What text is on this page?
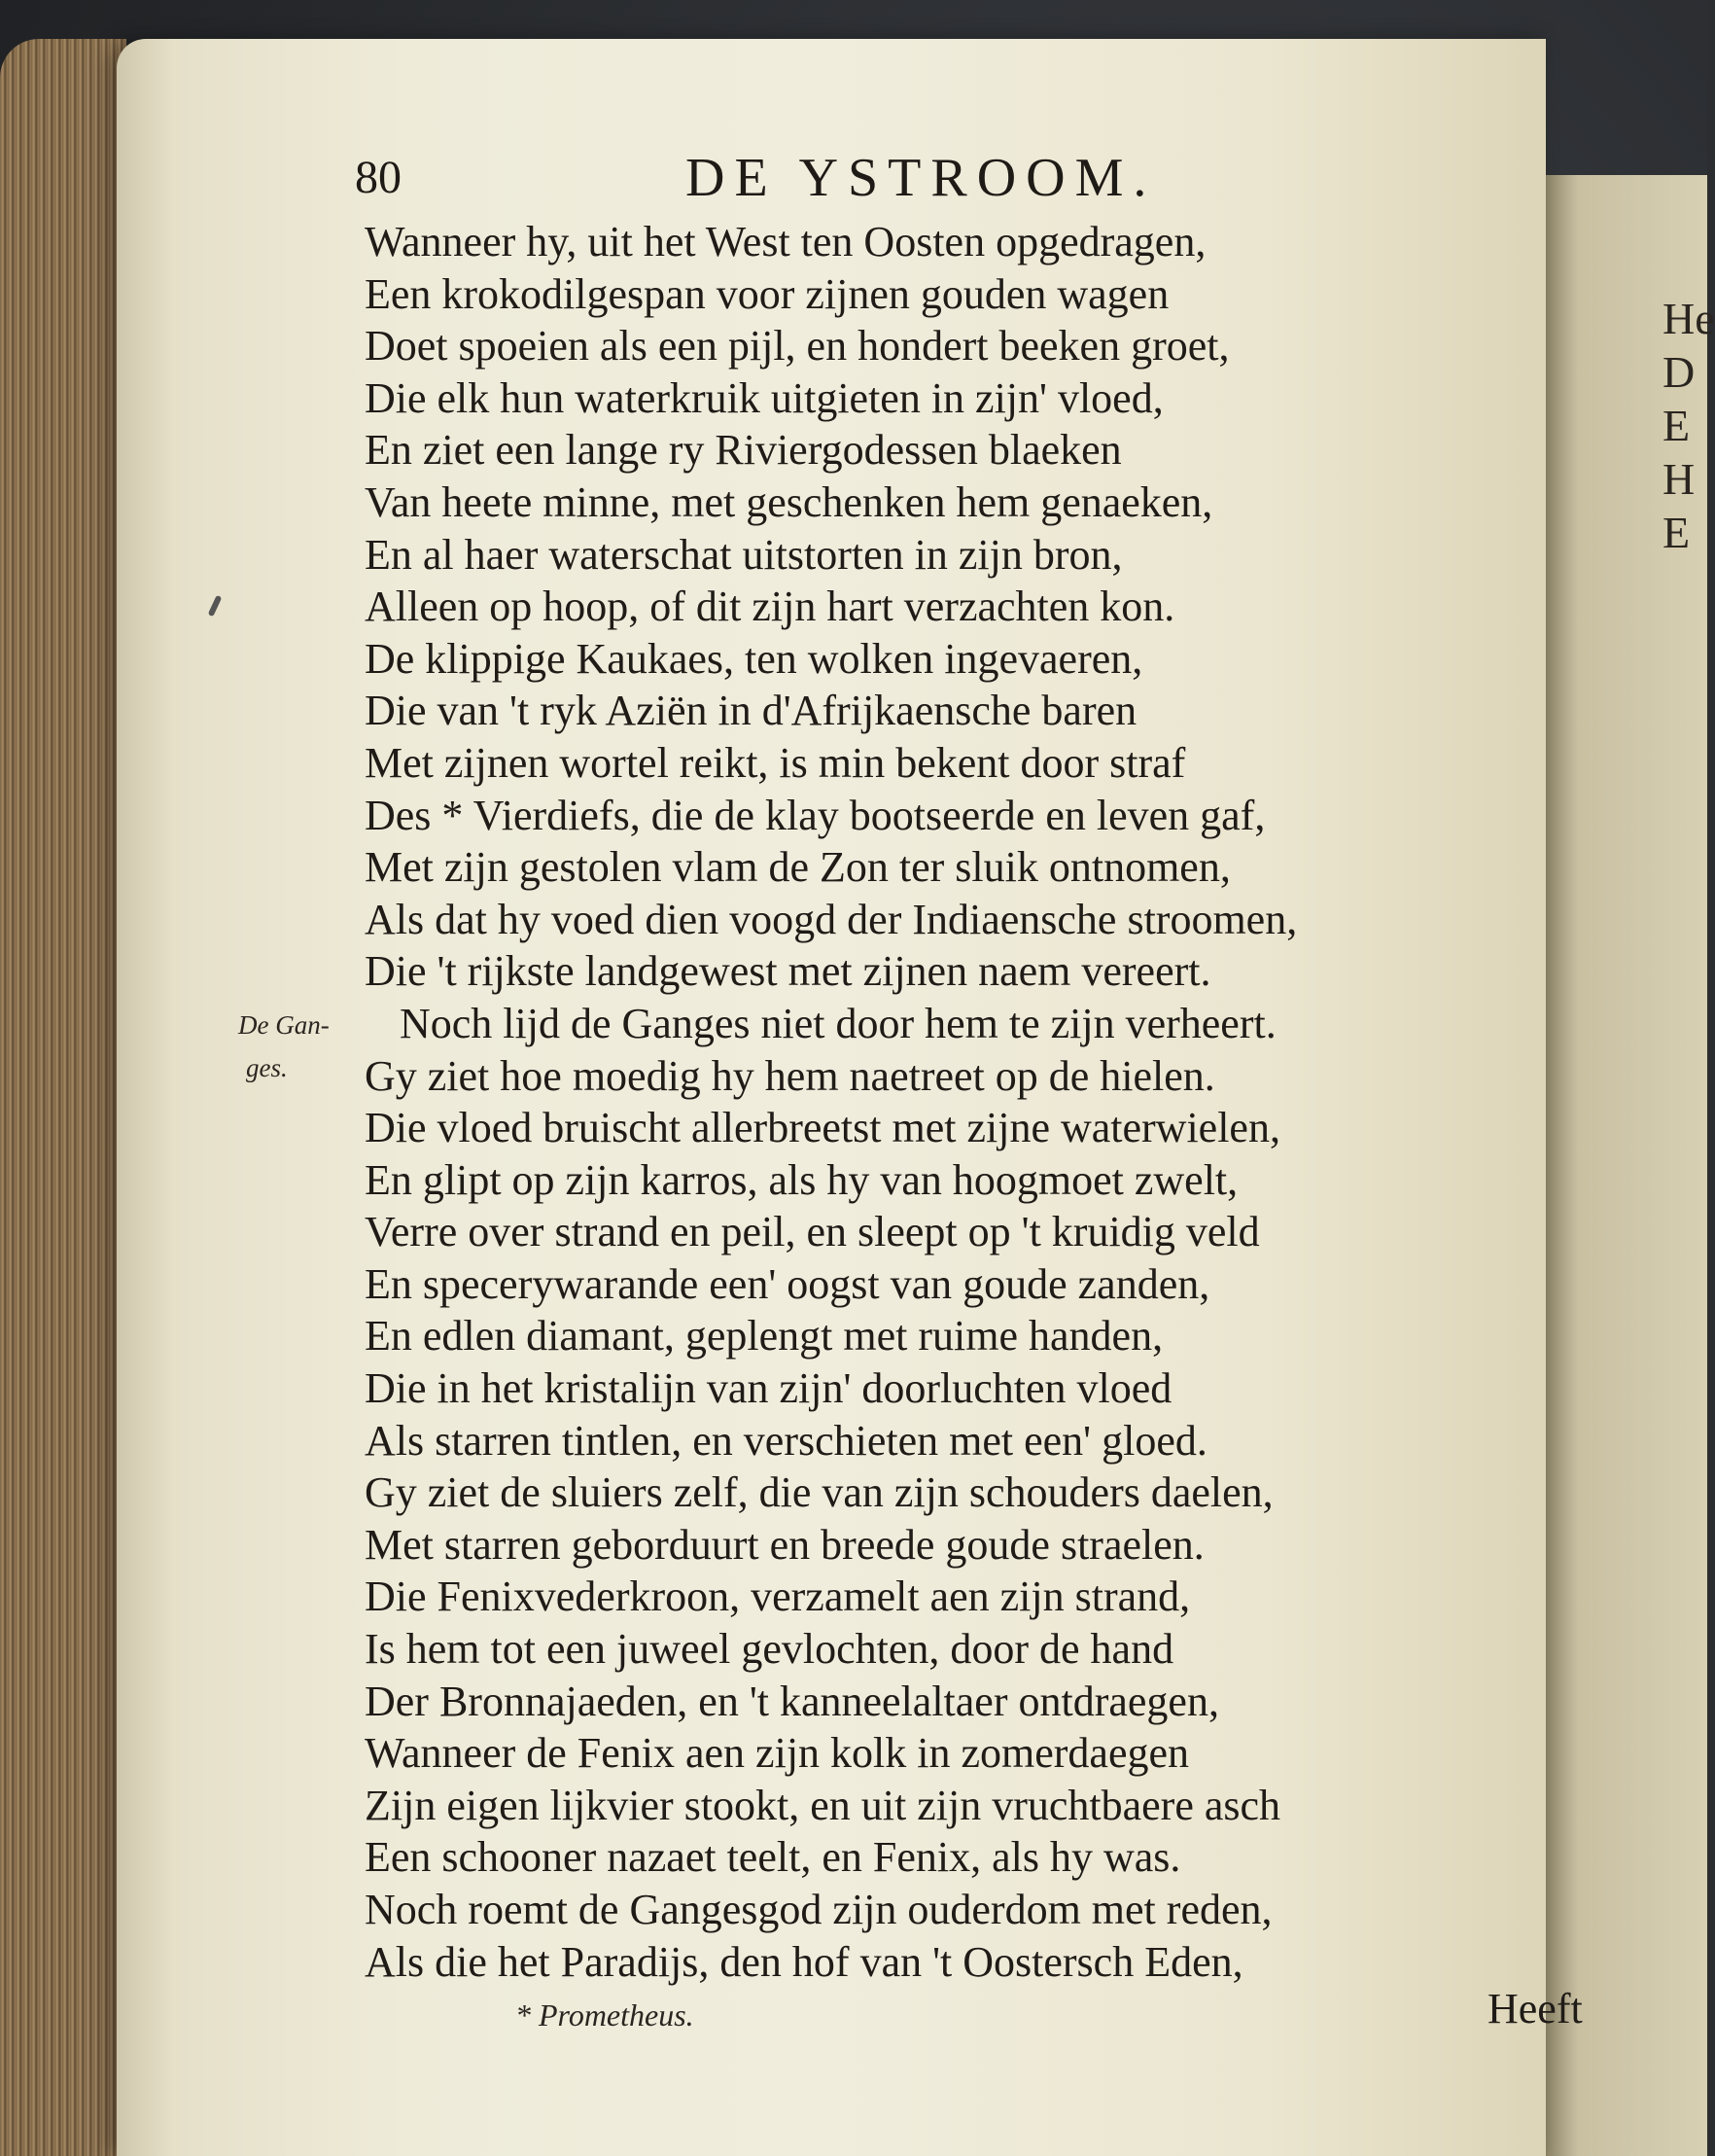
He
D
E
H
E
80	DE YSTROOM.
De Gan-
ges.
Wanneer hy, uit het West ten Oosten opgedragen,
Een krokodilgespan voor zijnen gouden wagen
Doet spoeien als een pijl, en hondert beeken groet,
Die elk hun waterkruik uitgieten in zijn' vloed,
En ziet een lange ry Riviergodessen blaeken
Van heete minne, met geschenken hem genaeken,
En al haer waterschat uitstorten in zijn bron,
Alleen op hoop, of dit zijn hart verzachten kon.
De klippige Kaukaes, ten wolken ingevaeren,
Die van 't ryk Aziën in d'Afrijkaensche baren
Met zijnen wortel reikt, is min bekent door straf
Des * Vierdiefs, die de klay bootseerde en leven gaf,
Met zijn gestolen vlam de Zon ter sluik ontnomen,
Als dat hy voed dien voogd der Indiaensche stroomen,
Die 't rijkste landgewest met zijnen naem vereert.
Noch lijd de Ganges niet door hem te zijn verheert.
Gy ziet hoe moedig hy hem naetreet op de hielen.
Die vloed bruischt allerbreetst met zijne waterwielen,
En glipt op zijn karros, als hy van hoogmoet zwelt,
Verre over strand en peil, en sleept op 't kruidig veld
En specerywarande een' oogst van goude zanden,
En edlen diamant, geplengt met ruime handen,
Die in het kristalijn van zijn' doorluchten vloed
Als starren tintlen, en verschieten met een' gloed.
Gy ziet de sluiers zelf, die van zijn schouders daelen,
Met starren geborduurt en breede goude straelen.
Die Fenixvederkroon, verzamelt aen zijn strand,
Is hem tot een juweel gevlochten, door de hand
Der Bronnajaeden, en 't kanneelaltaer ontdraegen,
Wanneer de Fenix aen zijn kolk in zomerdaegen
Zijn eigen lijkvier stookt, en uit zijn vruchtbaere asch
Een schooner nazaet teelt, en Fenix, als hy was.
Noch roemt de Gangesgod zijn ouderdom met reden,
Als die het Paradijs, den hof van 't Oostersch Eden,
* Prometheus.	Heeft
